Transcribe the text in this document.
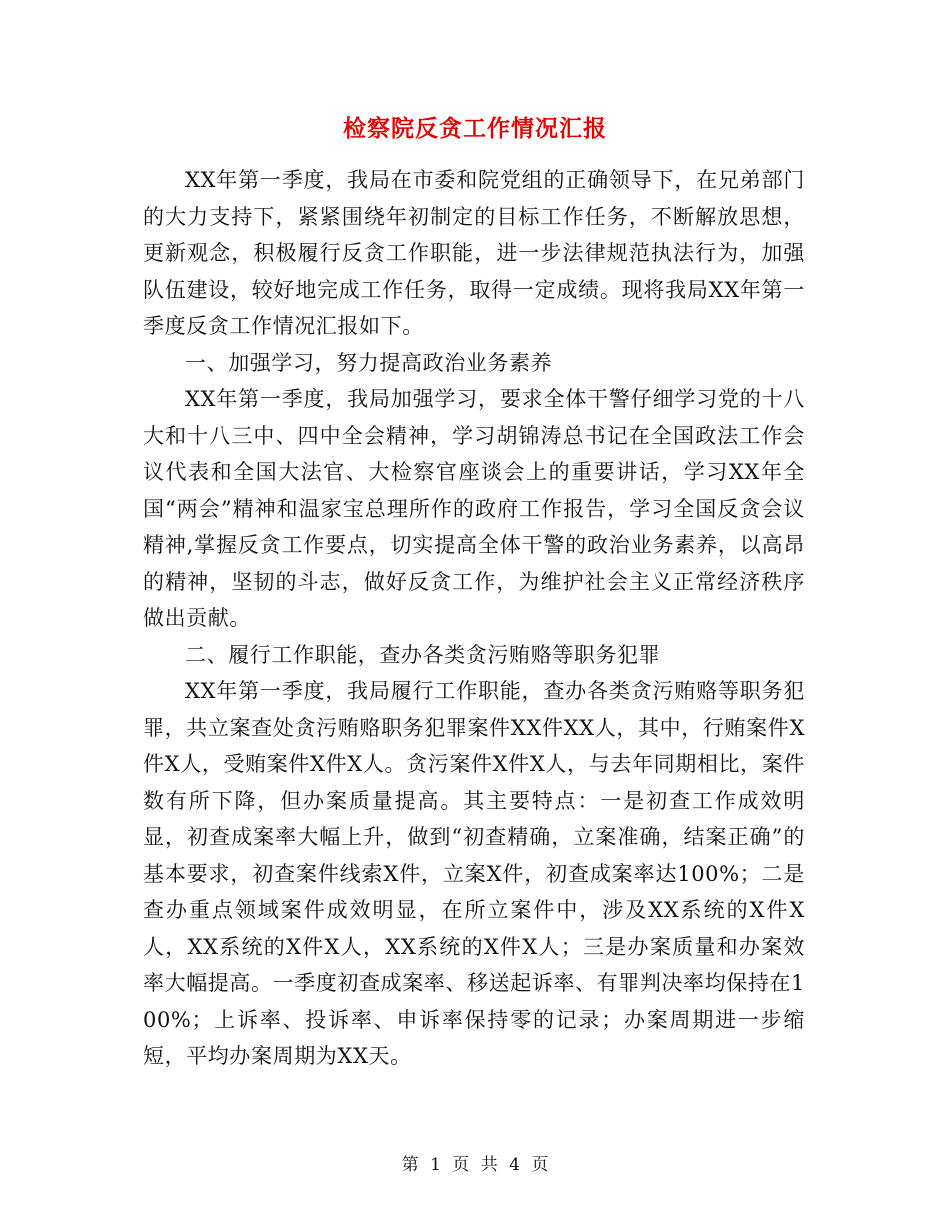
检察院反贪工作情况汇报

XX年第一季度，我局在市委和院党组的正确领导下，在兄弟部门的大力支持下，紧紧围绕年初制定的目标工作任务，不断解放思想，更新观念，积极履行反贪工作职能，进一步法律规范执法行为，加强队伍建设，较好地完成工作任务，取得一定成绩。现将我局XX年第一季度反贪工作情况汇报如下。

一、加强学习，努力提高政治业务素养

XX年第一季度，我局加强学习，要求全体干警仔细学习党的十八大和十八三中、四中全会精神，学习胡锦涛总书记在全国政法工作会议代表和全国大法官、大检察官座谈会上的重要讲话，学习XX年全国“两会”精神和温家宝总理所作的政府工作报告，学习全国反贪会议精神,掌握反贪工作要点，切实提高全体干警的政治业务素养，以高昂的精神，坚韧的斗志，做好反贪工作，为维护社会主义正常经济秩序做出贡献。

二、履行工作职能，查办各类贪污贿赂等职务犯罪

XX年第一季度，我局履行工作职能，查办各类贪污贿赂等职务犯罪，共立案查处贪污贿赂职务犯罪案件XX件XX人，其中，行贿案件X件X人，受贿案件X件X人。贪污案件X件X人，与去年同期相比，案件数有所下降，但办案质量提高。其主要特点：一是初查工作成效明显，初查成案率大幅上升，做到“初查精确，立案准确，结案正确”的基本要求，初查案件线索X件，立案X件，初查成案率达100%；二是查办重点领域案件成效明显，在所立案件中，涉及XX系统的X件X人，XX系统的X件X人，XX系统的X件X人；三是办案质量和办案效率大幅提高。一季度初查成案率、移送起诉率、有罪判决率均保持在100%；上诉率、投诉率、申诉率保持零的记录；办案周期进一步缩短，平均办案周期为XX天。

第 1 页 共 4 页
